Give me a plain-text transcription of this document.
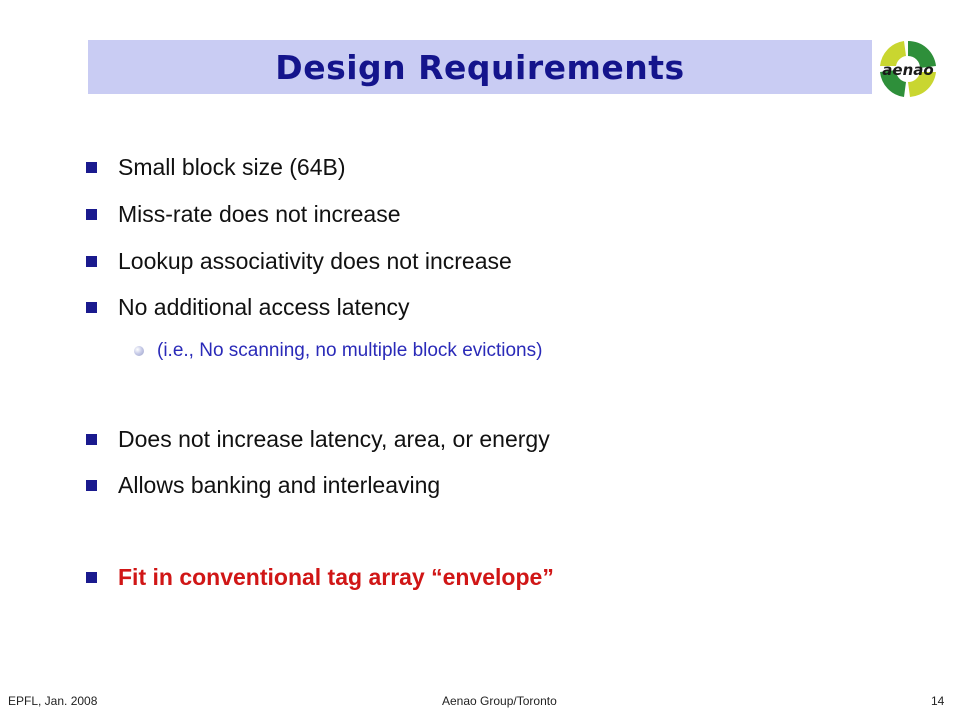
Design Requirements	aenao
Small block size (64B)
Miss-rate does not increase
Lookup associativity does not increase
No additional access latency
(i.e., No scanning, no multiple block evictions)
Does not increase latency, area, or energy
Allows banking and interleaving
Fit in conventional tag array “envelope”
EPFL, Jan. 2008	Aenao Group/Toronto	14
